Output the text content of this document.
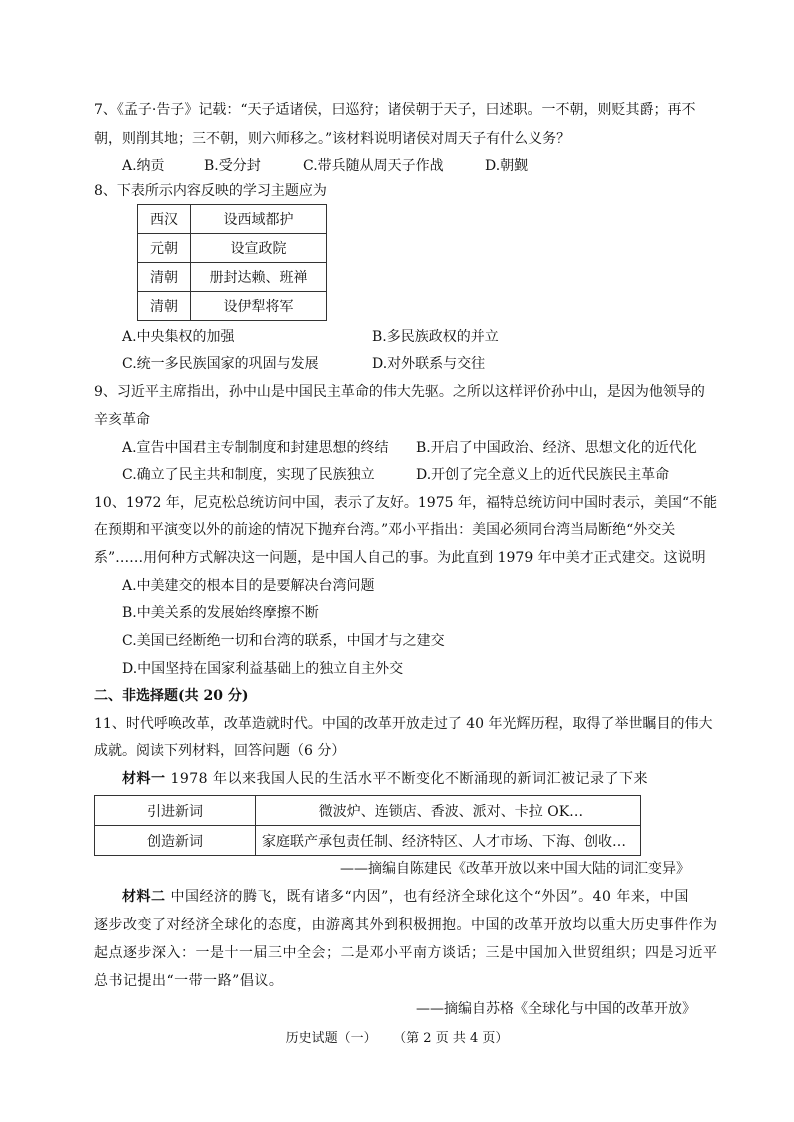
7、《孟子·告子》记载：“天子适诸侯，曰巡狩；诸侯朝于天子，曰述职。一不朝，则贬其爵；再不
朝，则削其地；三不朝，则六师移之。”该材料说明诸侯对周天子有什么义务？
A.纳贡	B.受分封	C.带兵随从周天子作战	D.朝觐
8、下表所示内容反映的学习主题应为
西汉	设西域都护
元朝	设宣政院
清朝	册封达赖、班禅
清朝	设伊犁将军
A.中央集权的加强	B.多民族政权的并立
C.统一多民族国家的巩固与发展	D.对外联系与交往
9、习近平主席指出，孙中山是中国民主革命的伟大先驱。之所以这样评价孙中山，是因为他领导的
辛亥革命
A.宣告中国君主专制制度和封建思想的终结 B.开启了中国政治、经济、思想文化的近代化
C.确立了民主共和制度，实现了民族独立	D.开创了完全意义上的近代民族民主革命
10、1972 年，尼克松总统访问中国，表示了友好。1975 年，福特总统访问中国时表示，美国“不能
在预期和平演变以外的前途的情况下抛弃台湾。”邓小平指出：美国必须同台湾当局断绝“外交关
系”……用何种方式解决这一问题，是中国人自己的事。为此直到 1979 年中美才正式建交。这说明
A.中美建交的根本目的是要解决台湾问题
B.中美关系的发展始终摩擦不断
C.美国已经断绝一切和台湾的联系，中国才与之建交
D.中国坚持在国家利益基础上的独立自主外交
二、非选择题(共 20 分)
11、时代呼唤改革，改革造就时代。中国的改革开放走过了 40 年光辉历程，取得了举世瞩目的伟大
成就。阅读下列材料，回答问题（6 分）
材料一 1978 年以来我国人民的生活水平不断变化不断涌现的新词汇被记录了下来
引进新词	微波炉、连锁店、香波、派对、卡拉 OK…
创造新词	家庭联产承包责任制、经济特区、人才市场、下海、创收…
——摘编自陈建民《改革开放以来中国大陆的词汇变异》
材料二 中国经济的腾飞，既有诸多“内因”，也有经济全球化这个“外因”。40 年来，中国
逐步改变了对经济全球化的态度，由游离其外到积极拥抱。中国的改革开放均以重大历史事件作为
起点逐步深入：一是十一届三中全会；二是邓小平南方谈话；三是中国加入世贸组织；四是习近平
总书记提出“一带一路”倡议。
——摘编自苏格《全球化与中国的改革开放》
历史试题（一）    （第 2 页 共 4 页）
